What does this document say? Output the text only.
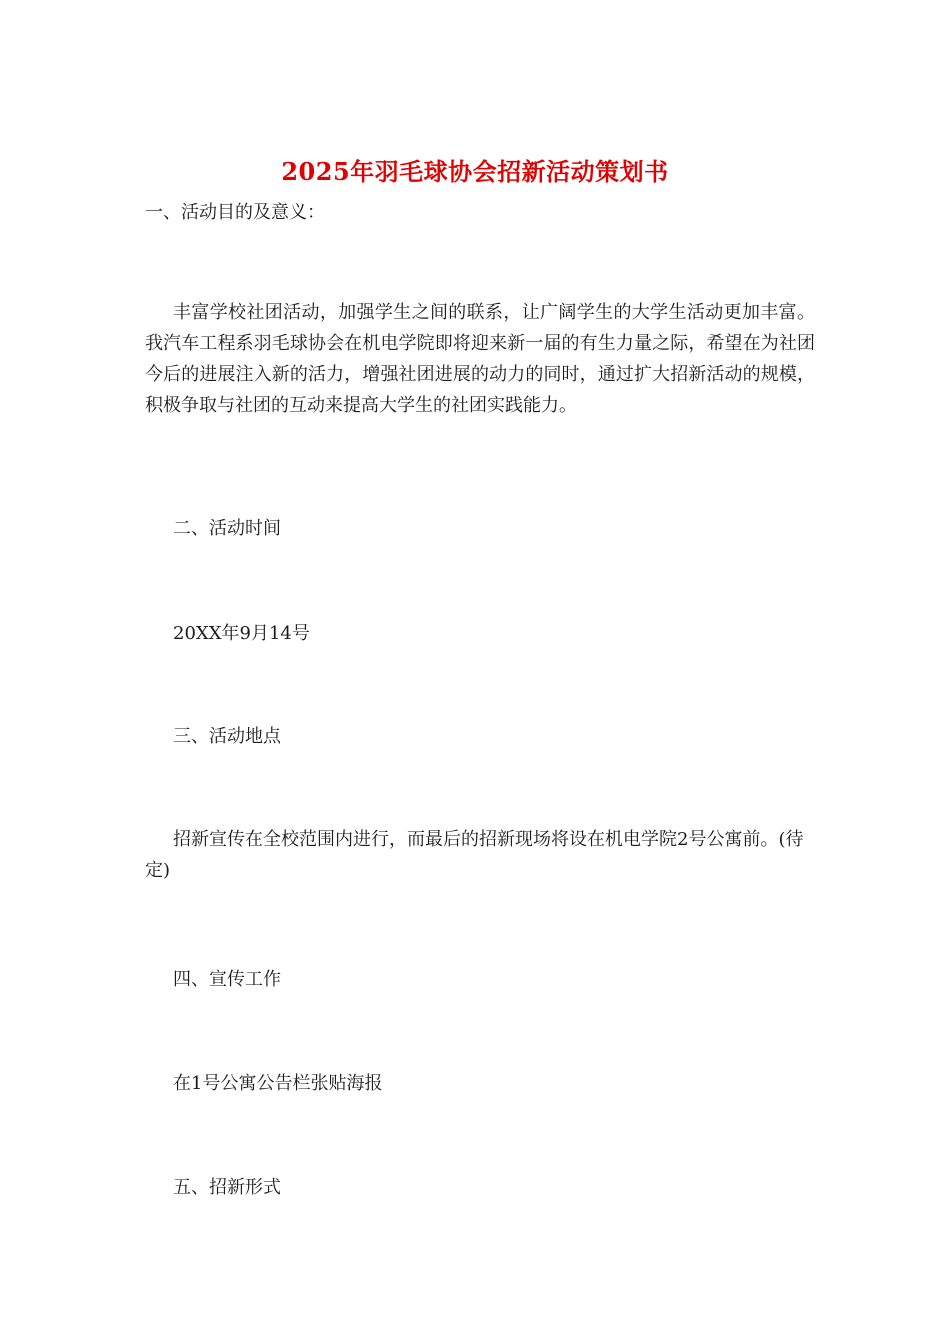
2025年羽毛球协会招新活动策划书
一、活动目的及意义：
丰富学校社团活动，加强学生之间的联系，让广阔学生的大学生活动更加丰富。我汽车工程系羽毛球协会在机电学院即将迎来新一届的有生力量之际，希望在为社团今后的进展注入新的活力，增强社团进展的动力的同时，通过扩大招新活动的规模，积极争取与社团的互动来提高大学生的社团实践能力。
二、活动时间
20XX年9月14号
三、活动地点
招新宣传在全校范围内进行，而最后的招新现场将设在机电学院2号公寓前。(待定)
四、宣传工作
在1号公寓公告栏张贴海报
五、招新形式
